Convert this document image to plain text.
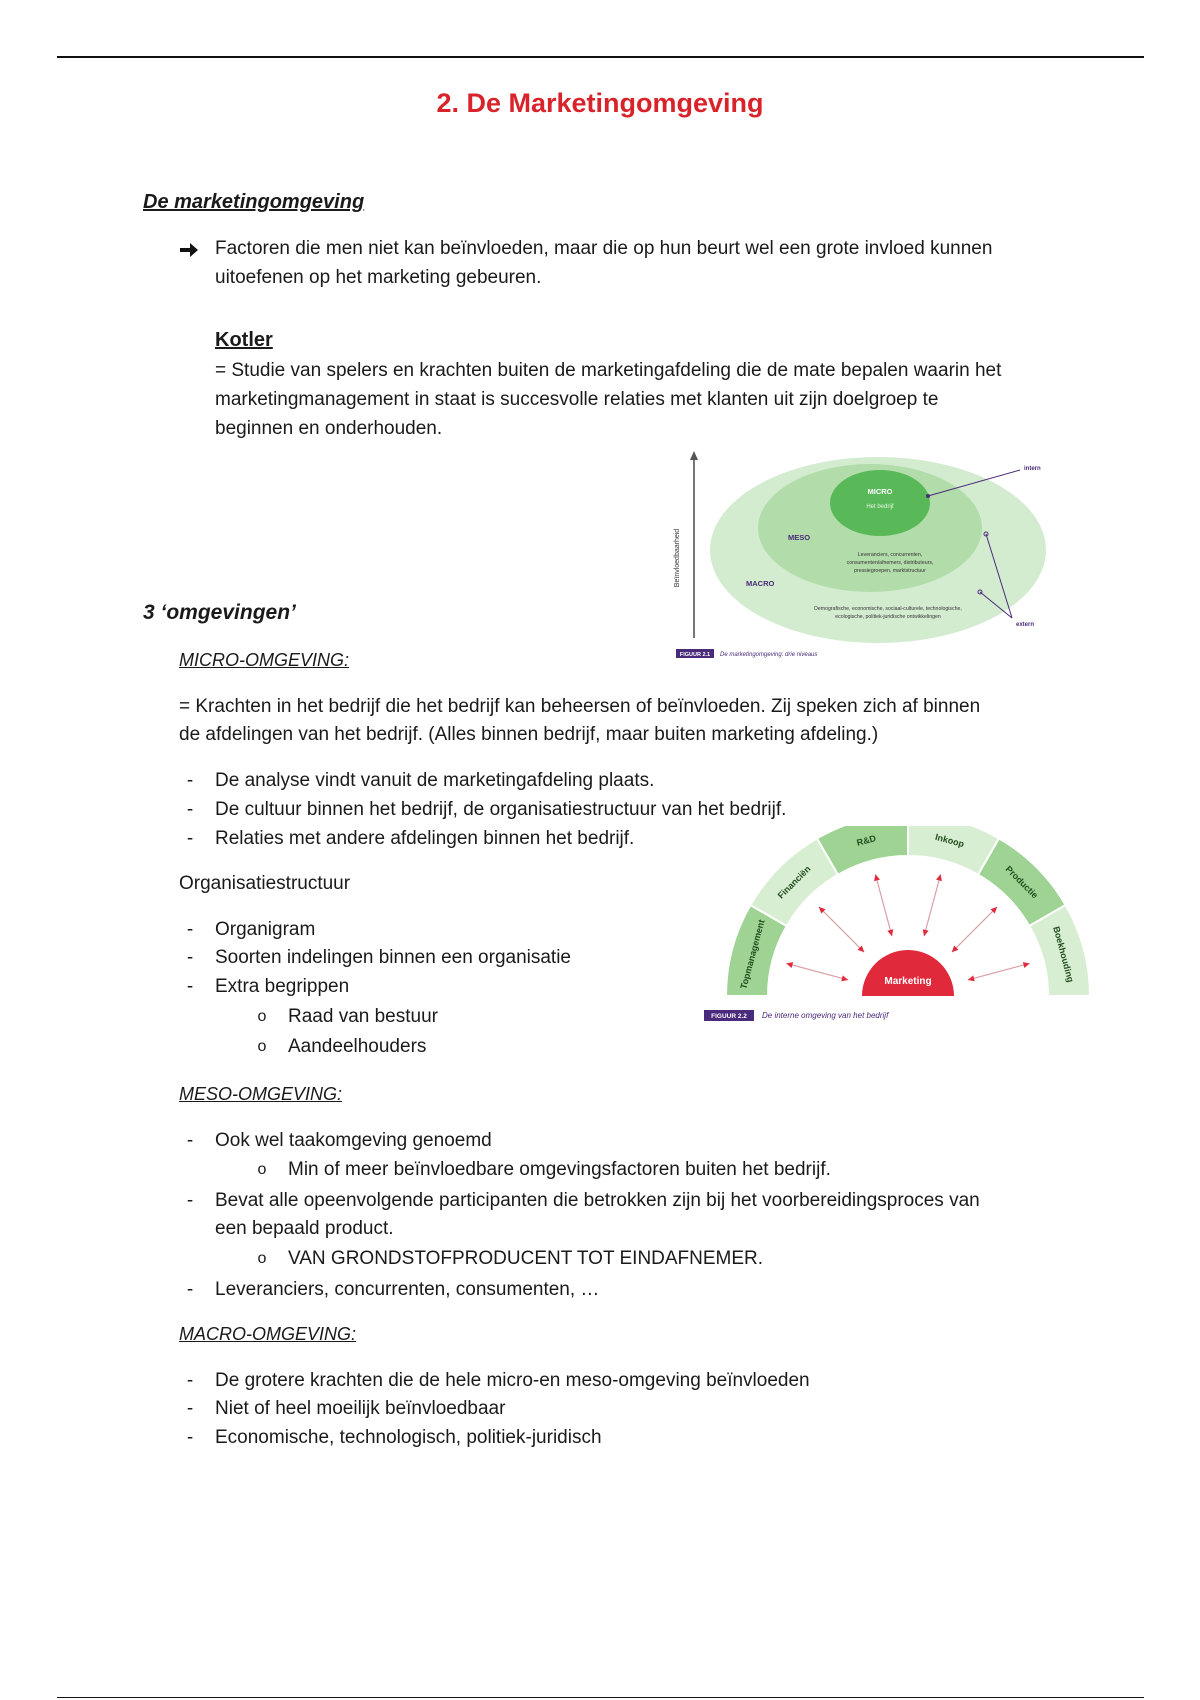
2. De Marketingomgeving
De marketingomgeving
Factoren die men niet kan beïnvloeden, maar die op hun beurt wel een grote invloed kunnen
uitoefenen op het marketing gebeuren.
Kotler
= Studie van spelers en krachten buiten de marketingafdeling die de mate bepalen waarin het
marketingmanagement in staat is succesvolle relaties met klanten uit zijn doelgroep te
beginnen en onderhouden.
Beïnvloedbaarheid
MICRO
Het bedrijf
MESO
Leveranciers, concurrenten,
consumenten/afnemers, distributeurs,
pressiegroepen, marktstructuur
MACRO
Demografische, economische, sociaal-culturele, technologische,
ecologische, politiek-juridische ontwikkelingen
intern
extern
FIGUUR 2.1 De marketingomgeving: drie niveaus
3 ‘omgevingen’
MICRO-OMGEVING:
= Krachten in het bedrijf die het bedrijf kan beheersen of beïnvloeden. Zij speken zich af binnen
de afdelingen van het bedrijf. (Alles binnen bedrijf, maar buiten marketing afdeling.)
-	De analyse vindt vanuit de marketingafdeling plaats.
-	De cultuur binnen het bedrijf, de organisatiestructuur van het bedrijf.
-	Relaties met andere afdelingen binnen het bedrijf.
Organisatiestructuur
-	Organigram
-	Soorten indelingen binnen een organisatie
-	Extra begrippen
o Raad van bestuur
o Aandeelhouders
Topmanagement
Financiën
R&D	Inkoop
Productie
Boekhouding
Marketing
FIGUUR 2.2 De interne omgeving van het bedrijf
MESO-OMGEVING:
-	Ook wel taakomgeving genoemd
o Min of meer beïnvloedbare omgevingsfactoren buiten het bedrijf.
-	Bevat alle opeenvolgende participanten die betrokken zijn bij het voorbereidingsproces van
een bepaald product.
o VAN GRONDSTOFPRODUCENT TOT EINDAFNEMER.
-	Leveranciers, concurrenten, consumenten, …
MACRO-OMGEVING:
-	De grotere krachten die de hele micro-en meso-omgeving beïnvloeden
-	Niet of heel moeilijk beïnvloedbaar
-	Economische, technologisch, politiek-juridisch
